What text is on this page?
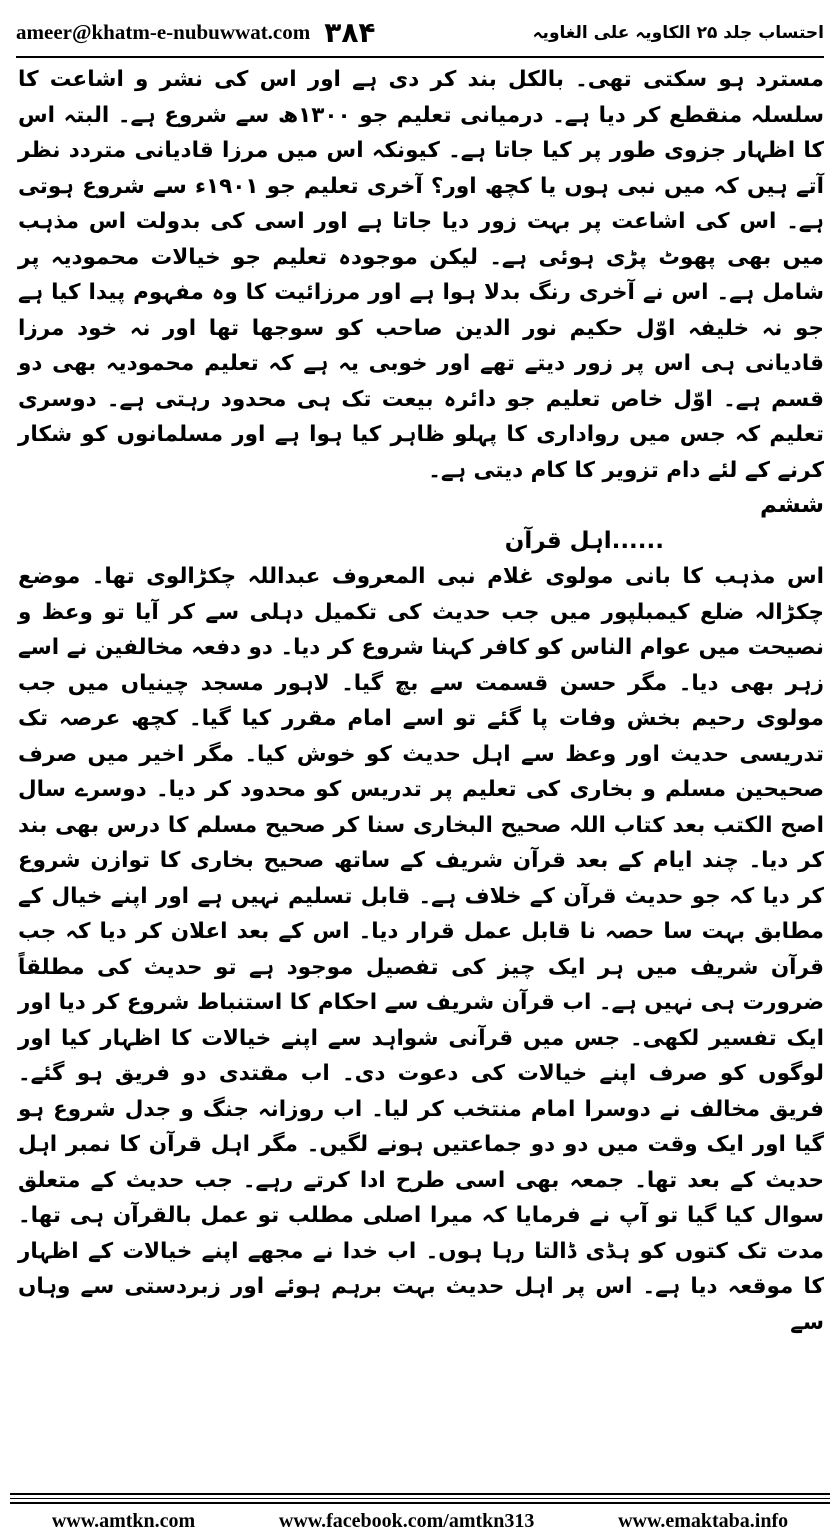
ameer@khatm-e-nubuwwat.com ۳۸۴	احتساب جلد ۲۵ الکاویہ علی الغاویہ

مسترد ہو سکتی تھی۔ بالکل بند کر دی ہے اور اس کی نشر و اشاعت کا سلسلہ منقطع کر دیا ہے۔ درمیانی تعلیم جو ۱۳۰۰ھ سے شروع ہے۔ البتہ اس کا اظہار جزوی طور پر کیا جاتا ہے۔ کیونکہ اس میں مرزا قادیانی متردد نظر آتے ہیں کہ میں نبی ہوں یا کچھ اور؟ آخری تعلیم جو ۱۹۰۱ء سے شروع ہوتی ہے۔ اس کی اشاعت پر بہت زور دیا جاتا ہے اور اسی کی بدولت اس مذہب میں بھی پھوٹ پڑی ہوئی ہے۔ لیکن موجودہ تعلیم جو خیالات محمودیہ پر شامل ہے۔ اس نے آخری رنگ بدلا ہوا ہے اور مرزائیت کا وہ مفہوم پیدا کیا ہے جو نہ خلیفہ اوّل حکیم نور الدین صاحب کو سوجھا تھا اور نہ خود مرزا قادیانی ہی اس پر زور دیتے تھے اور خوبی یہ ہے کہ تعلیم محمودیہ بھی دو قسم ہے۔ اوّل خاص تعلیم جو دائرہ بیعت تک ہی محدود رہتی ہے۔ دوسری تعلیم کہ جس میں رواداری کا پہلو ظاہر کیا ہوا ہے اور مسلمانوں کو شکار کرنے کے لئے دام تزویر کا کام دیتی ہے۔

ششم

......اہل قرآن

اس مذہب کا بانی مولوی غلام نبی المعروف عبداللہ چکڑالوی تھا۔ موضع چکڑالہ ضلع کیمبلپور میں جب حدیث کی تکمیل دہلی سے کر آیا تو وعظ و نصیحت میں عوام الناس کو کافر کہنا شروع کر دیا۔ دو دفعہ مخالفین نے اسے زہر بھی دیا۔ مگر حسن قسمت سے بچ گیا۔ لاہور مسجد چینیاں میں جب مولوی رحیم بخش وفات پا گئے تو اسے امام مقرر کیا گیا۔ کچھ عرصہ تک تدریسی حدیث اور وعظ سے اہل حدیث کو خوش کیا۔ مگر اخیر میں صرف صحیحین مسلم و بخاری کی تعلیم پر تدریس کو محدود کر دیا۔ دوسرے سال اصح الکتب بعد کتاب اللہ صحیح البخاری سنا کر صحیح مسلم کا درس بھی بند کر دیا۔ چند ایام کے بعد قرآن شریف کے ساتھ صحیح بخاری کا توازن شروع کر دیا کہ جو حدیث قرآن کے خلاف ہے۔ قابل تسلیم نہیں ہے اور اپنے خیال کے مطابق بہت سا حصہ نا قابل عمل قرار دیا۔ اس کے بعد اعلان کر دیا کہ جب قرآن شریف میں ہر ایک چیز کی تفصیل موجود ہے تو حدیث کی مطلقاً ضرورت ہی نہیں ہے۔ اب قرآن شریف سے احکام کا استنباط شروع کر دیا اور ایک تفسیر لکھی۔ جس میں قرآنی شواہد سے اپنے خیالات کا اظہار کیا اور لوگوں کو صرف اپنے خیالات کی دعوت دی۔ اب مقتدی دو فریق ہو گئے۔ فریق مخالف نے دوسرا امام منتخب کر لیا۔ اب روزانہ جنگ و جدل شروع ہو گیا اور ایک وقت میں دو دو جماعتیں ہونے لگیں۔ مگر اہل قرآن کا نمبر اہل حدیث کے بعد تھا۔ جمعہ بھی اسی طرح ادا کرتے رہے۔ جب حدیث کے متعلق سوال کیا گیا تو آپ نے فرمایا کہ میرا اصلی مطلب تو عمل بالقرآن ہی تھا۔ مدت تک کتوں کو ہڈی ڈالتا رہا ہوں۔ اب خدا نے مجھے اپنے خیالات کے اظہار کا موقعہ دیا ہے۔ اس پر اہل حدیث بہت برہم ہوئے اور زبردستی سے وہاں سے

www.amtkn.com	www.facebook.com/amtkn313	www.emaktaba.info
